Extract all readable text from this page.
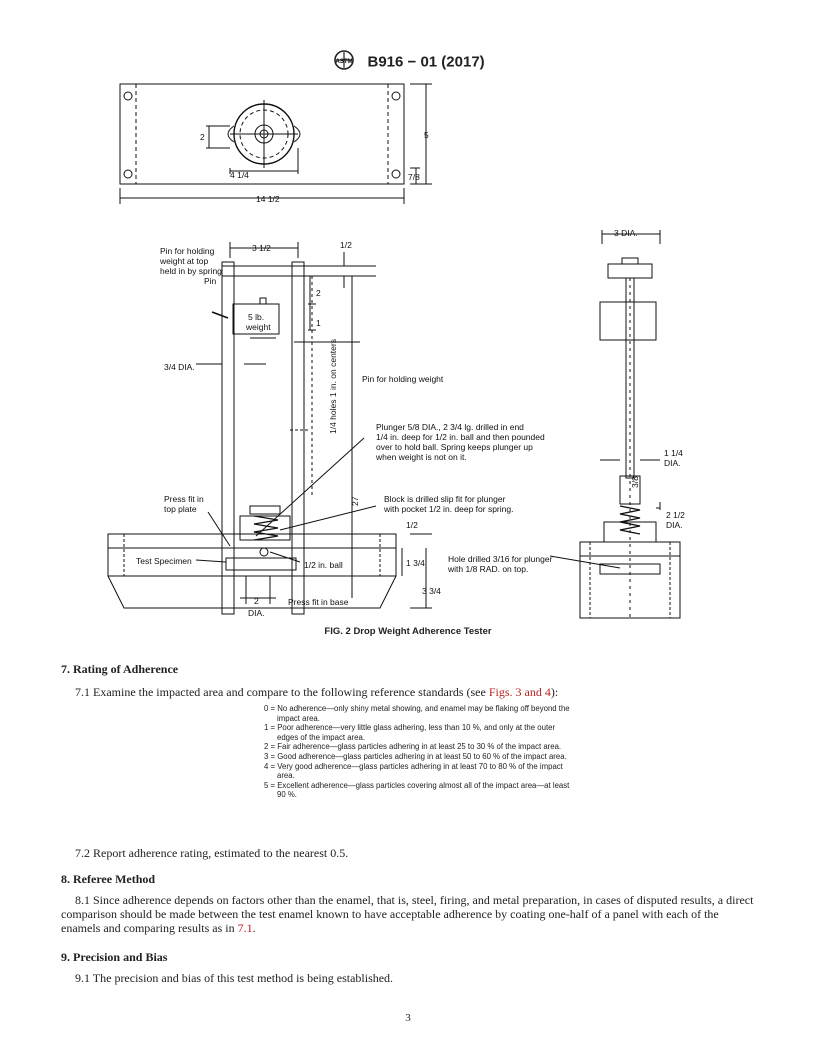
ASTM B916 − 01 (2017)
5
14 1/2
2
4 1/4	7/8
Pin for holding
weight at top
held in by spring
Pin
3 1/2	1/2
2
1
5 lb.
weight
3/4 DIA.	1/4 holes 1 in. on centers	Pin for holding weight
Plunger 5/8 DIA., 2 3/4 lg. drilled in end
1/4 in. deep for 1/2 in. ball and then pounded
over to hold ball. Spring keeps plunger up
when weight is not on it.
27
Press fit in
top plate
Block is drilled slip fit for plunger
with pocket 1/2 in. deep for spring.
1/2
Test Specimen	1/2 in. ball	1 3/4
3 3/4
2
DIA.
Press fit in base
3 DIA.
1 1/4
DIA.
3/8
2 1/2
DIA.
Hole drilled 3/16 for plunger
with 1/8 RAD. on top.
FIG. 2 Drop Weight Adherence Tester
7. Rating of Adherence
7.1 Examine the impacted area and compare to the following reference standards (see Figs. 3 and 4):
0 = No adherence—only shiny metal showing, and enamel may be flaking off beyond the impact area.
1 = Poor adherence—very little glass adhering, less than 10 %, and only at the outer edges of the impact area.
2 = Fair adherence—glass particles adhering in at least 25 to 30 % of the impact area.
3 = Good adherence—glass particles adhering in at least 50 to 60 % of the impact area.
4 = Very good adherence—glass particles adhering in at least 70 to 80 % of the impact area.
5 = Excellent adherence—glass particles covering almost all of the impact area—at least 90 %.
7.2 Report adherence rating, estimated to the nearest 0.5.
8. Referee Method
8.1 Since adherence depends on factors other than the enamel, that is, steel, firing, and metal preparation, in cases of disputed results, a direct comparison should be made between the test enamel known to have acceptable adherence by coating one-half of a panel with each of the enamels and comparing results as in 7.1.
9. Precision and Bias
9.1 The precision and bias of this test method is being established.
3
